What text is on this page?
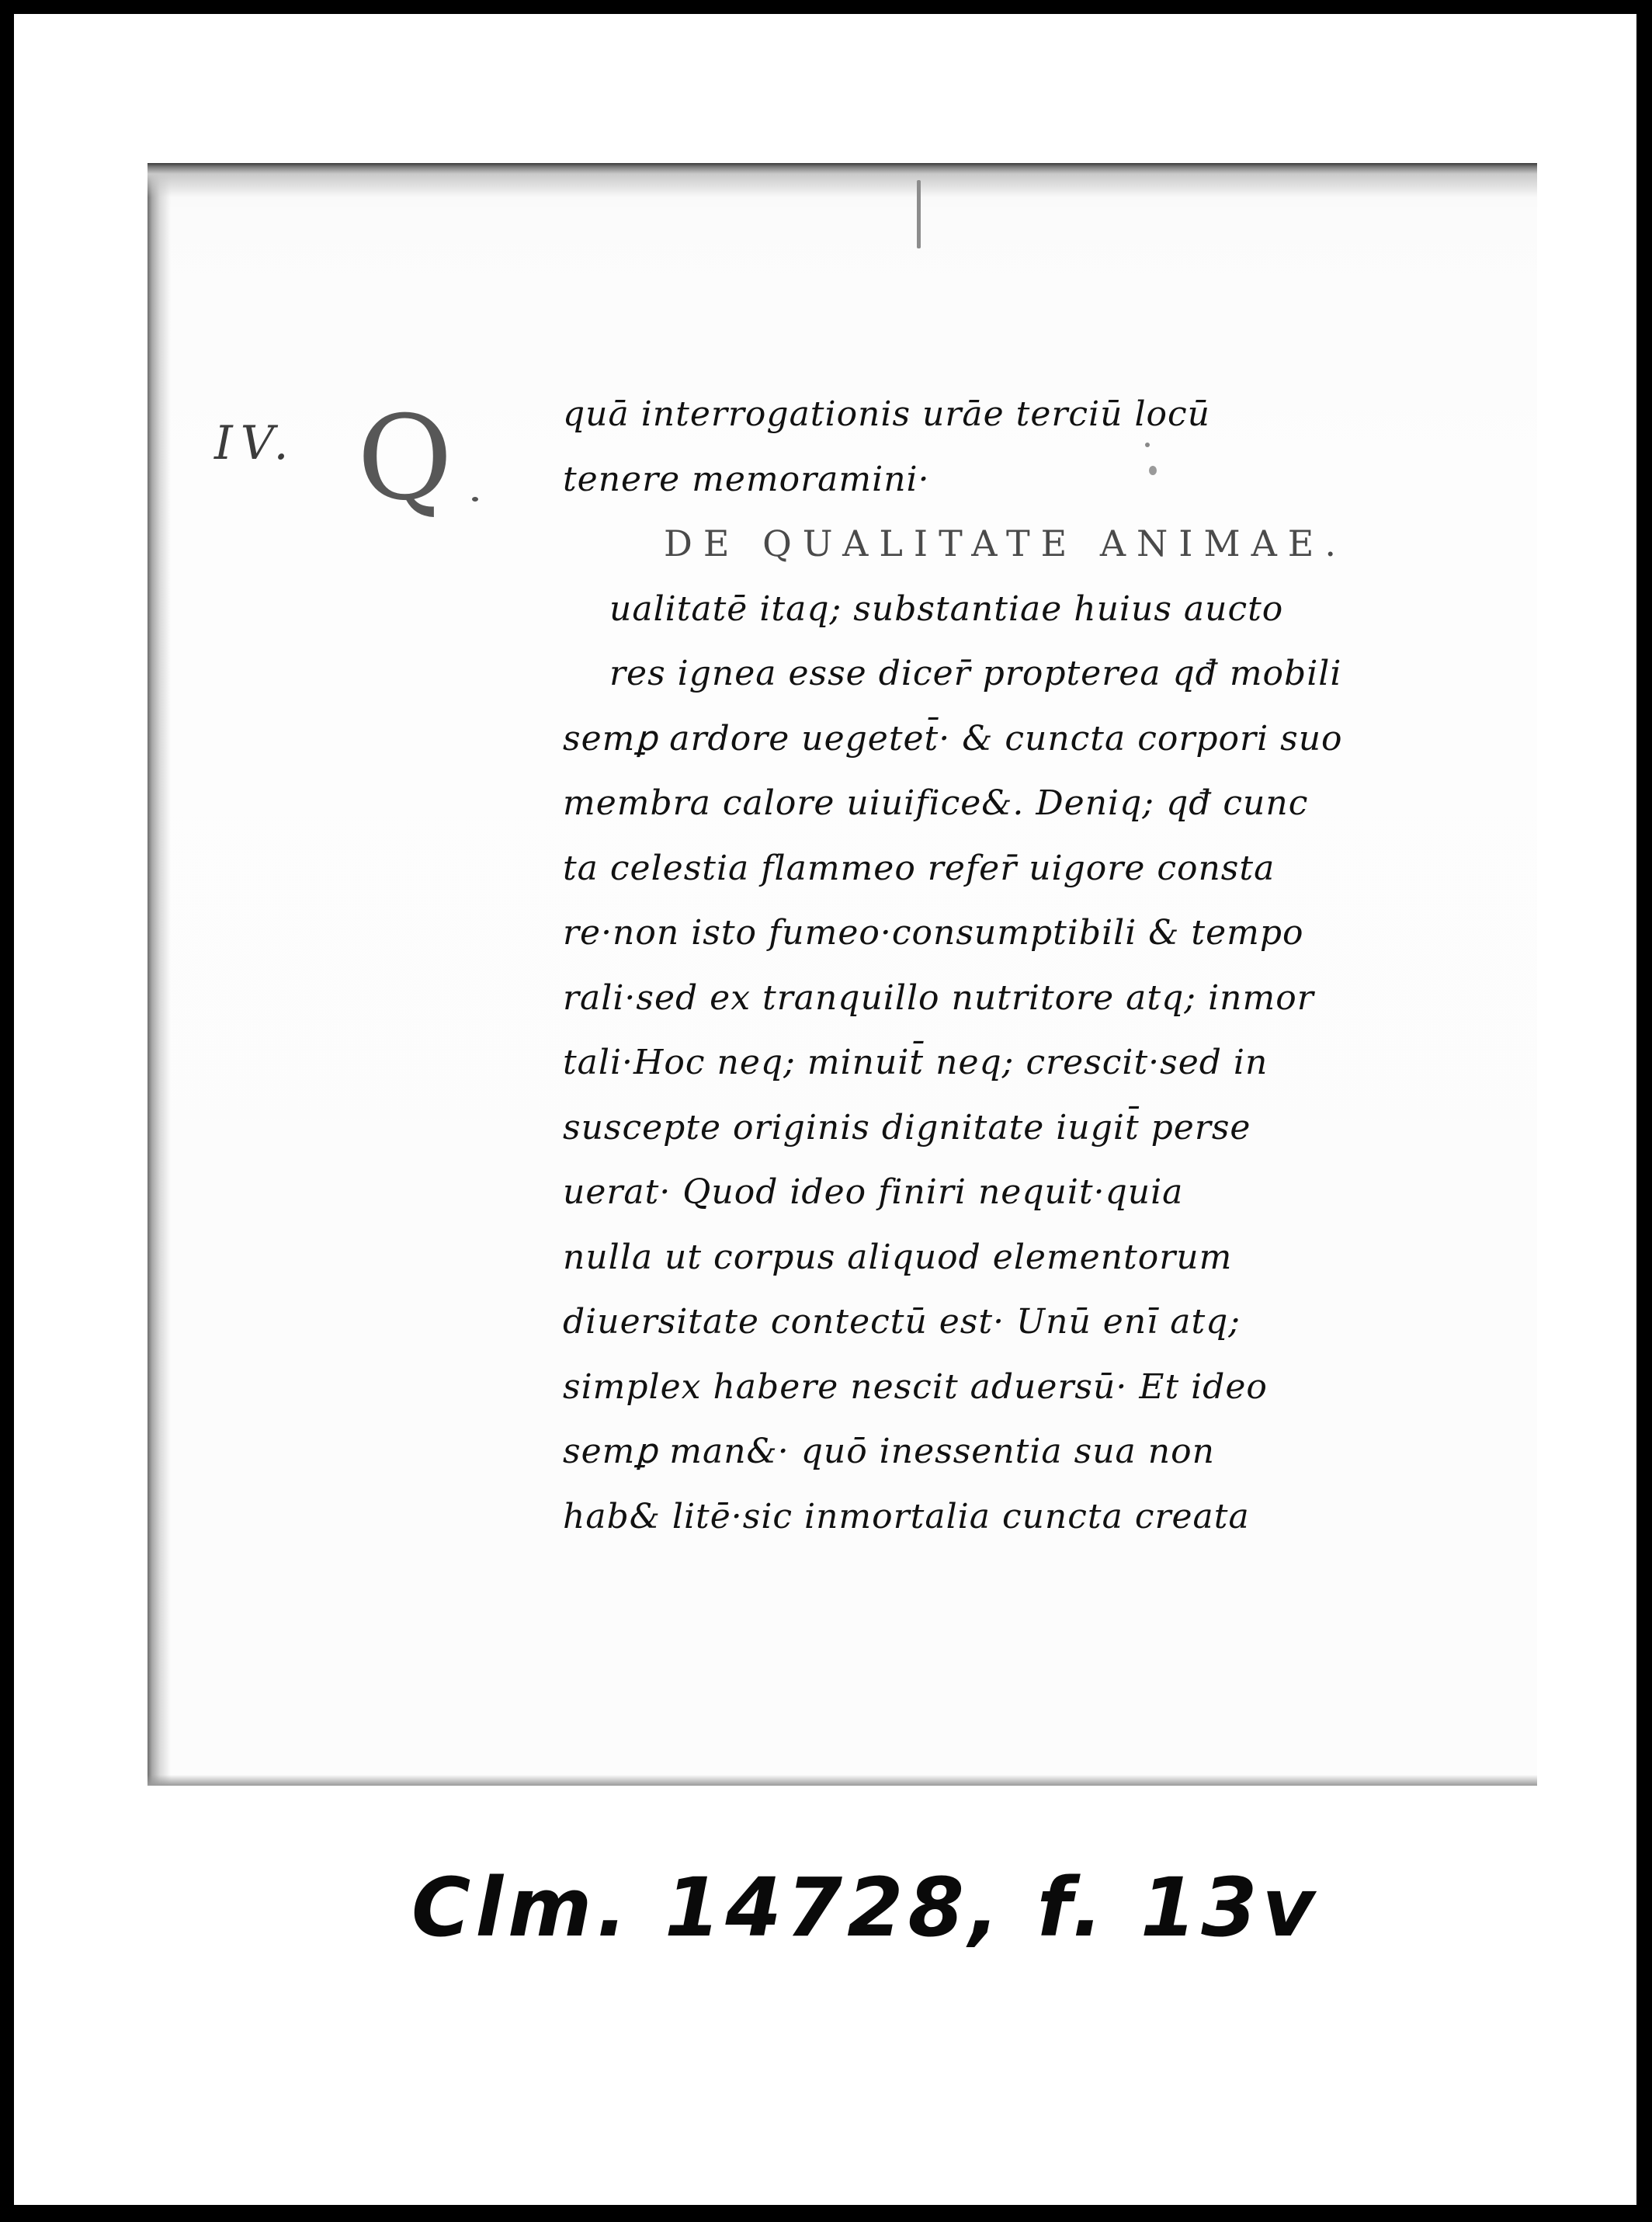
quā interrogationis urāe terciū locū
tenere memoramini·
DE QUALITATE ANIMAE.
ualitatē itaq; substantiae huius aucto
res ignea esse dicer̄ propterea qđ mobili
semꝑ ardore uegetet̄· & cuncta corpori suo
membra calore uiuifice&. Deniq; qđ cunc
ta celestia flammeo refer̄ uigore consta
re·non isto fumeo·consumptibili & tempo
rali·sed ex tranquillo nutritore atq; inmor
tali·Hoc neq; minuit̄ neq; crescit·sed in
suscepte originis dignitate iugit̄ perse
uerat· Quod ideo finiri nequit·quia
nulla ut corpus aliquod elementorum
diuersitate contectū est· Unū enī atq;
simplex habere nescit aduersū· Et ideo
semꝑ man&· quō inessentia sua non
hab& litē·sic inmortalia cuncta creata
IV. Q
Clm. 14728, f. 13v
